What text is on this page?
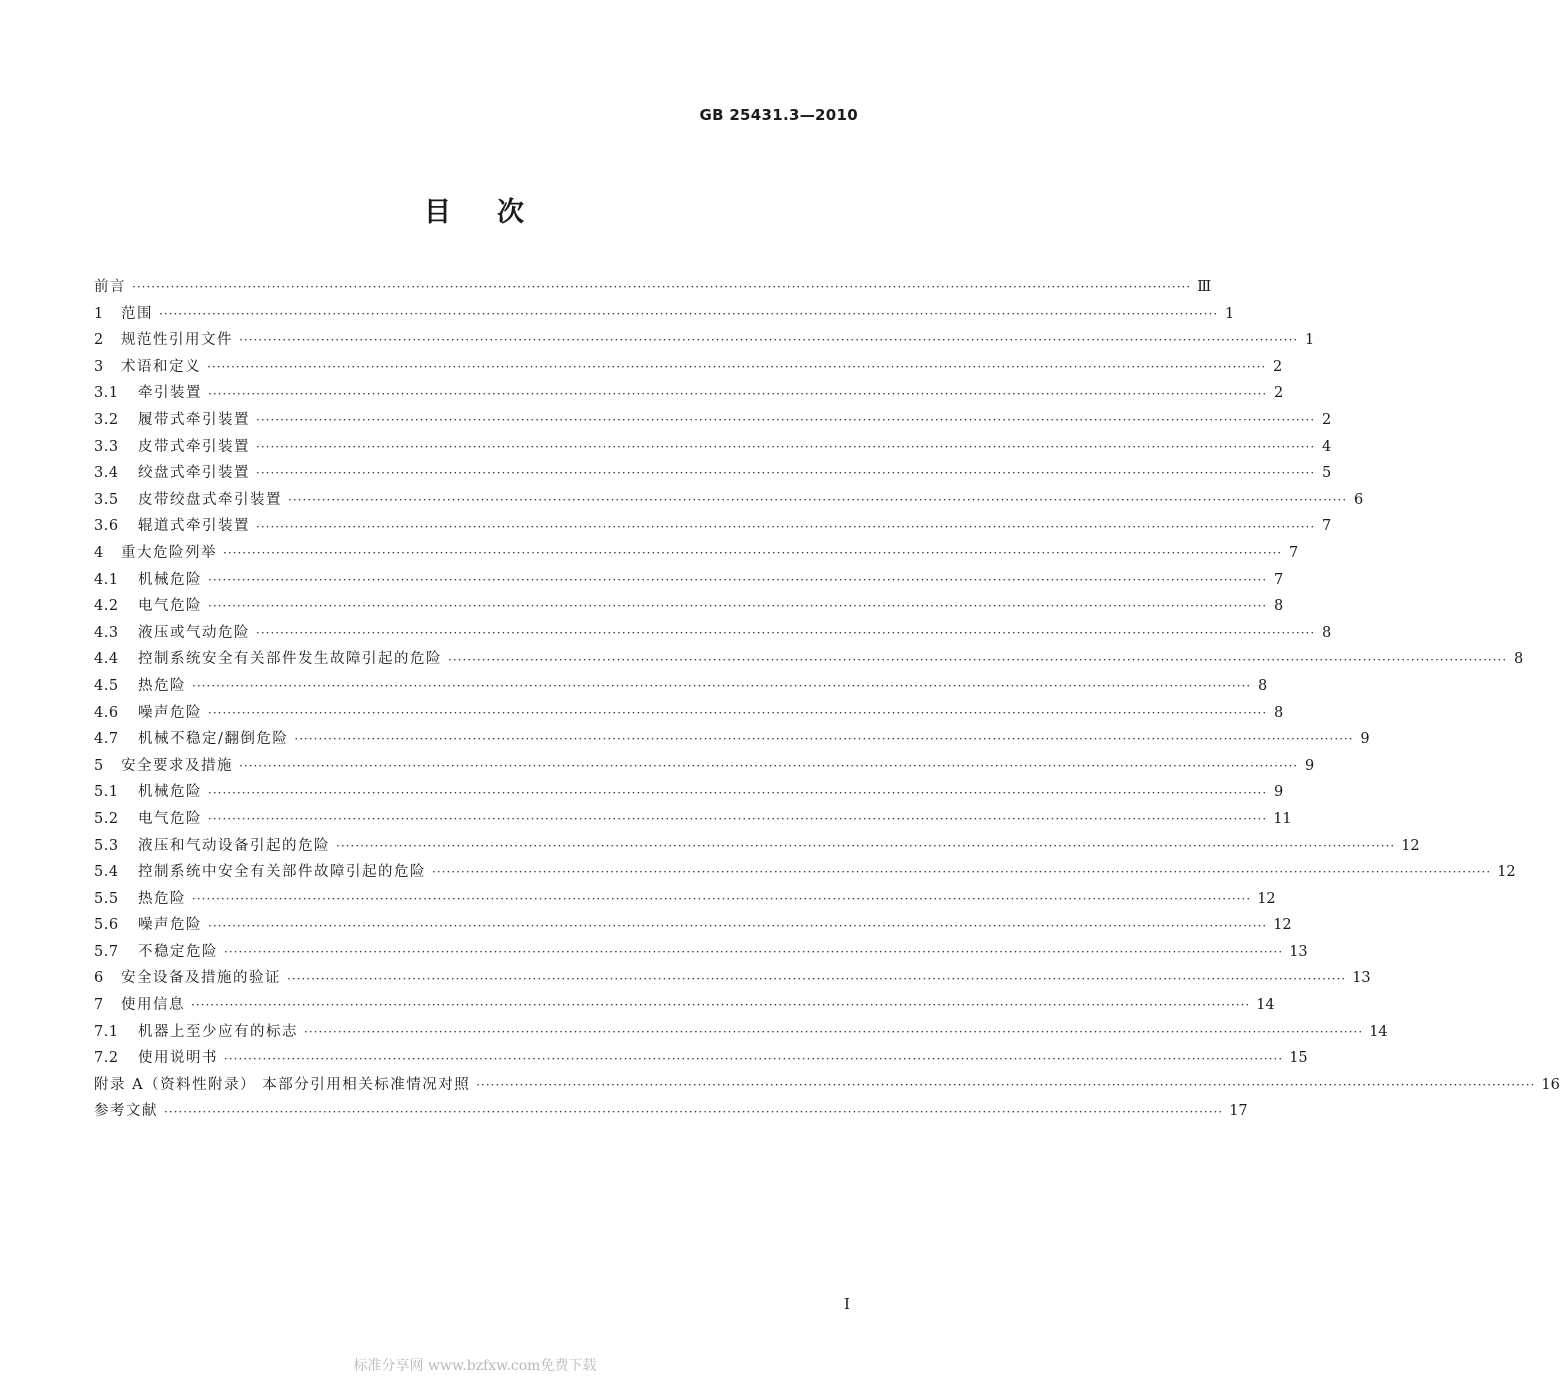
GB 25431.3—2010
目 次
前言 ···························································································································································································································· Ⅲ
1	范围 ···························································································································································································································· 1
2	规范性引用文件 ···························································································································································································································· 1
3	术语和定义 ···························································································································································································································· 2
3.1	牵引装置 ···························································································································································································································· 2
3.2	履带式牵引装置 ···························································································································································································································· 2
3.3	皮带式牵引装置 ···························································································································································································································· 4
3.4	绞盘式牵引装置 ···························································································································································································································· 5
3.5	皮带绞盘式牵引装置 ···························································································································································································································· 6
3.6	辊道式牵引装置 ···························································································································································································································· 7
4	重大危险列举 ···························································································································································································································· 7
4.1	机械危险 ···························································································································································································································· 7
4.2	电气危险 ···························································································································································································································· 8
4.3	液压或气动危险 ···························································································································································································································· 8
4.4	控制系统安全有关部件发生故障引起的危险 ···························································································································································································································· 8
4.5	热危险 ···························································································································································································································· 8
4.6	噪声危险 ···························································································································································································································· 8
4.7	机械不稳定/翻倒危险 ···························································································································································································································· 9
5	安全要求及措施 ···························································································································································································································· 9
5.1	机械危险 ···························································································································································································································· 9
5.2	电气危险 ···························································································································································································································· 11
5.3	液压和气动设备引起的危险 ···························································································································································································································· 12
5.4	控制系统中安全有关部件故障引起的危险 ···························································································································································································································· 12
5.5	热危险 ···························································································································································································································· 12
5.6	噪声危险 ···························································································································································································································· 12
5.7	不稳定危险 ···························································································································································································································· 13
6	安全设备及措施的验证 ···························································································································································································································· 13
7	使用信息 ···························································································································································································································· 14
7.1	机器上至少应有的标志 ···························································································································································································································· 14
7.2	使用说明书 ···························································································································································································································· 15
附录 A（资料性附录） 本部分引用相关标准情况对照 ···························································································································································································································· 16
参考文献 ···························································································································································································································· 17
I
标准分享网 www.bzfxw.com免费下载
